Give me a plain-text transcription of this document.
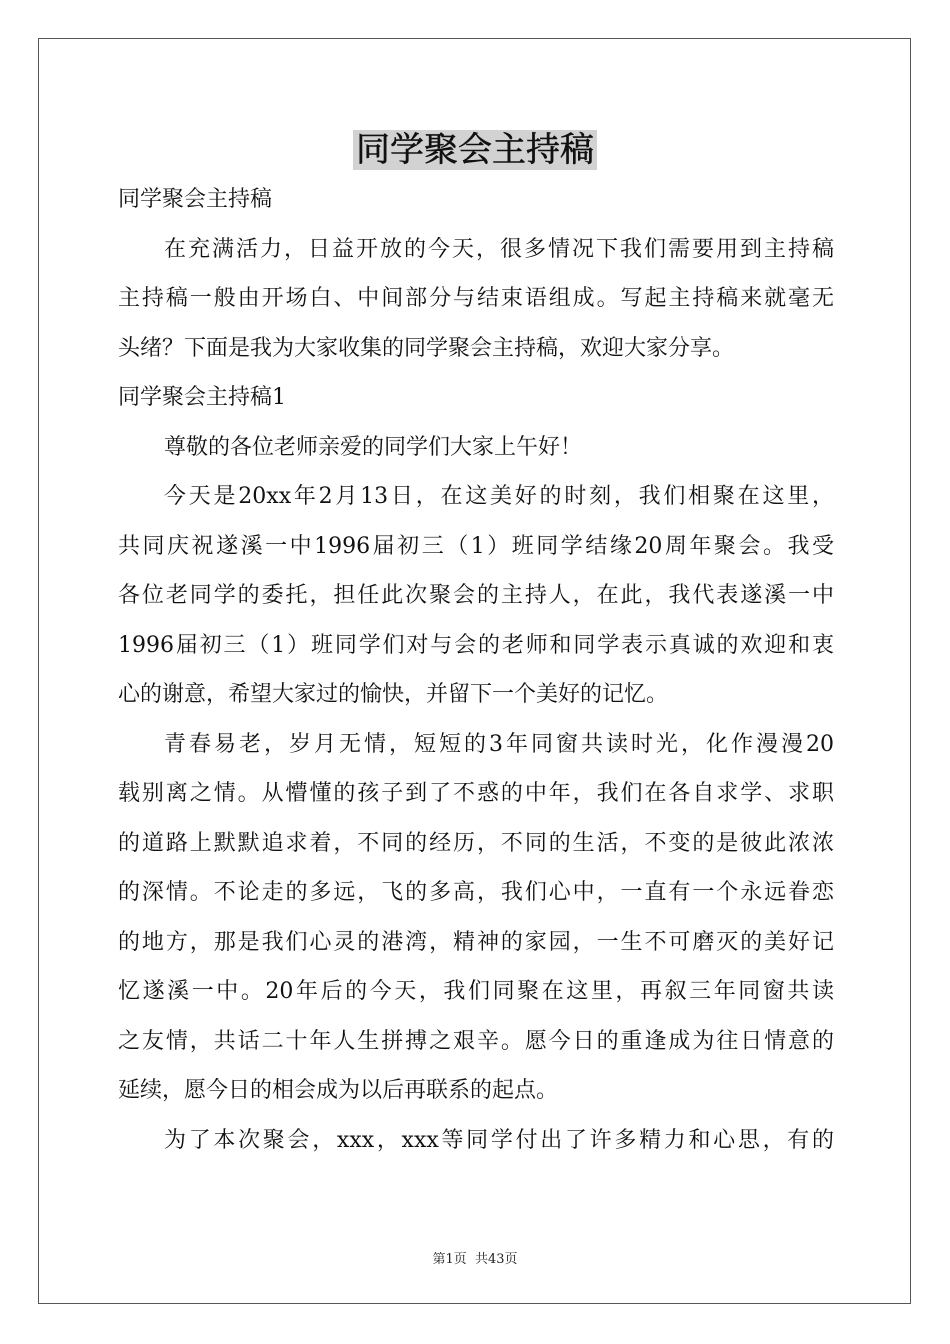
同学聚会主持稿
同学聚会主持稿
在充满活力，日益开放的今天，很多情况下我们需要用到主持稿
主持稿一般由开场白、中间部分与结束语组成。写起主持稿来就毫无
头绪？下面是我为大家收集的同学聚会主持稿，欢迎大家分享。
同学聚会主持稿1
尊敬的各位老师亲爱的同学们大家上午好！
今天是20xx年2月13日，在这美好的时刻，我们相聚在这里，
共同庆祝遂溪一中1996届初三（1）班同学结缘20周年聚会。我受
各位老同学的委托，担任此次聚会的主持人，在此，我代表遂溪一中
1996届初三（1）班同学们对与会的老师和同学表示真诚的欢迎和衷
心的谢意，希望大家过的愉快，并留下一个美好的记忆。
青春易老，岁月无情，短短的3年同窗共读时光，化作漫漫20
载别离之情。从懵懂的孩子到了不惑的中年，我们在各自求学、求职
的道路上默默追求着，不同的经历，不同的生活，不变的是彼此浓浓
的深情。不论走的多远，飞的多高，我们心中，一直有一个永远眷恋
的地方，那是我们心灵的港湾，精神的家园，一生不可磨灭的美好记
忆遂溪一中。20年后的今天，我们同聚在这里，再叙三年同窗共读
之友情，共话二十年人生拼搏之艰辛。愿今日的重逢成为往日情意的
延续，愿今日的相会成为以后再联系的起点。
为了本次聚会，xxx，xxx等同学付出了许多精力和心思，有的
第1页 共43页
